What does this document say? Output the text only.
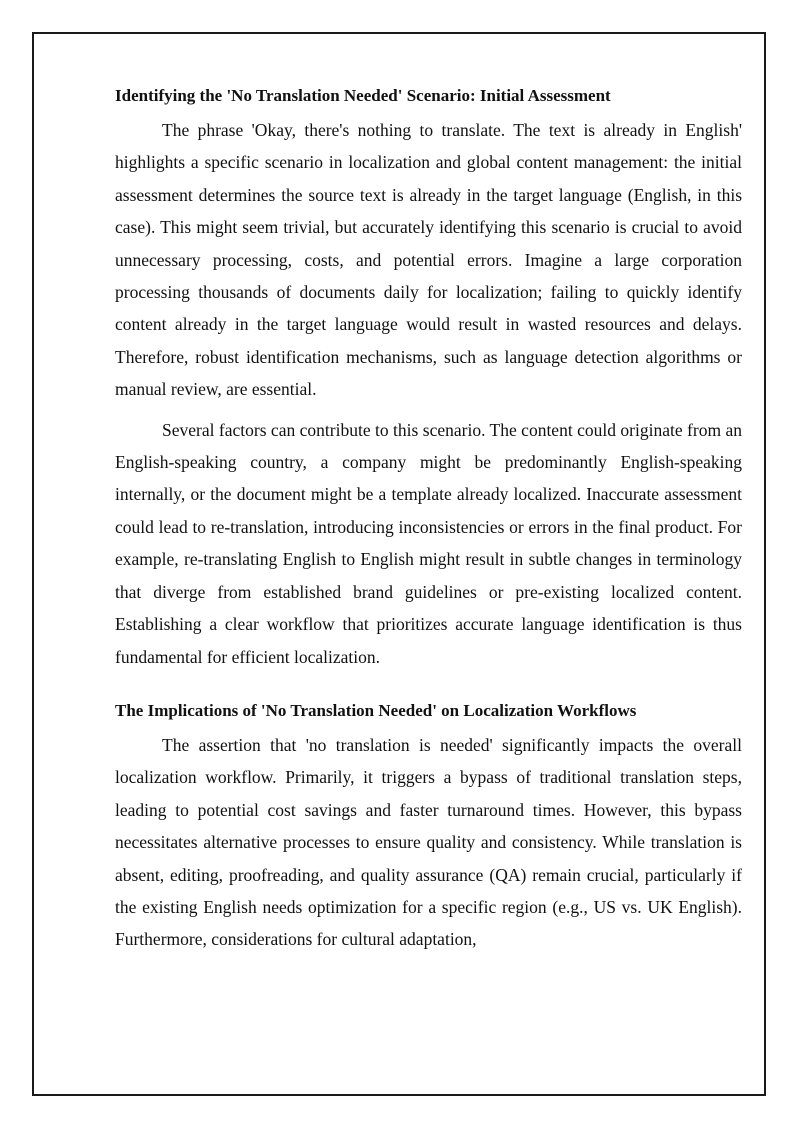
Identifying the 'No Translation Needed' Scenario: Initial Assessment

The phrase 'Okay, there's nothing to translate. The text is already in English' highlights a specific scenario in localization and global content management: the initial assessment determines the source text is already in the target language (English, in this case). This might seem trivial, but accurately identifying this scenario is crucial to avoid unnecessary processing, costs, and potential errors. Imagine a large corporation processing thousands of documents daily for localization; failing to quickly identify content already in the target language would result in wasted resources and delays. Therefore, robust identification mechanisms, such as language detection algorithms or manual review, are essential.

Several factors can contribute to this scenario. The content could originate from an English-speaking country, a company might be predominantly English-speaking internally, or the document might be a template already localized. Inaccurate assessment could lead to re-translation, introducing inconsistencies or errors in the final product. For example, re-translating English to English might result in subtle changes in terminology that diverge from established brand guidelines or pre-existing localized content. Establishing a clear workflow that prioritizes accurate language identification is thus fundamental for efficient localization.

The Implications of 'No Translation Needed' on Localization Workflows

The assertion that 'no translation is needed' significantly impacts the overall localization workflow. Primarily, it triggers a bypass of traditional translation steps, leading to potential cost savings and faster turnaround times. However, this bypass necessitates alternative processes to ensure quality and consistency. While translation is absent, editing, proofreading, and quality assurance (QA) remain crucial, particularly if the existing English needs optimization for a specific region (e.g., US vs. UK English). Furthermore, considerations for cultural adaptation,
